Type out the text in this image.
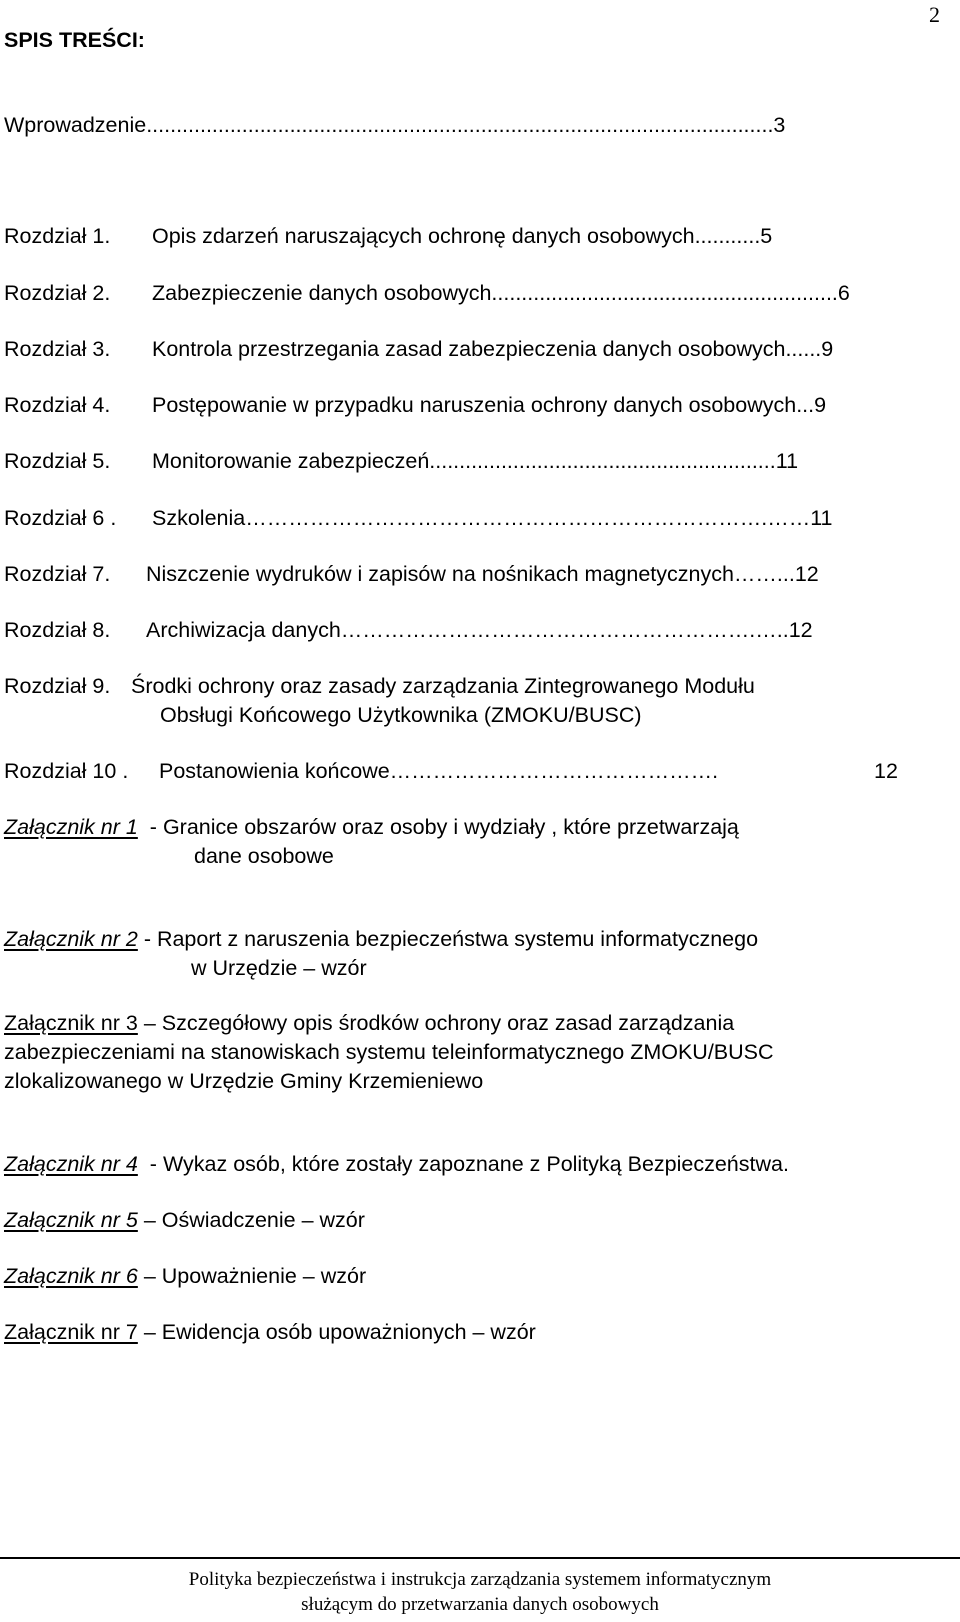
2
SPIS TREŚCI:
Wprowadzenie.........................................................................................................3
Rozdział 1. Opis zdarzeń naruszających ochronę danych osobowych...........5
Rozdział 2. Zabezpieczenie danych osobowych..........................................................6
Rozdział 3. Kontrola przestrzegania zasad zabezpieczenia danych osobowych......9
Rozdział 4. Postępowanie w przypadku naruszenia ochrony danych osobowych...9
Rozdział 5. Monitorowanie zabezpieczeń..........................................................11
Rozdział 6 . Szkolenia……………………………………………………………….……11
Rozdział 7. Niszczenie wydruków i zapisów na nośnikach magnetycznych……...12
Rozdział 8. Archiwizacja danych………………………………………………….…..12
Rozdział 9. Środki ochrony oraz zasady zarządzania Zintegrowanego Modułu
Obsługi Końcowego Użytkownika (ZMOKU/BUSC)
Rozdział 10 . Postanowienia końcowe……………………………………….	12
Załącznik nr 1  - Granice obszarów oraz osoby i wydziały , które przetwarzają
dane osobowe
Załącznik nr 2 - Raport z naruszenia bezpieczeństwa systemu informatycznego
w Urzędzie – wzór
Załącznik nr 3 – Szczegółowy opis środków ochrony oraz zasad zarządzania
zabezpieczeniami na stanowiskach systemu teleinformatycznego ZMOKU/BUSC
zlokalizowanego w Urzędzie Gminy Krzemieniewo
Załącznik nr 4  - Wykaz osób, które zostały zapoznane z Polityką Bezpieczeństwa.
Załącznik nr 5 – Oświadczenie – wzór
Załącznik nr 6 – Upoważnienie – wzór
Załącznik nr 7 – Ewidencja osób upoważnionych – wzór
Polityka bezpieczeństwa i instrukcja zarządzania systemem informatycznym
służącym do przetwarzania danych osobowych
